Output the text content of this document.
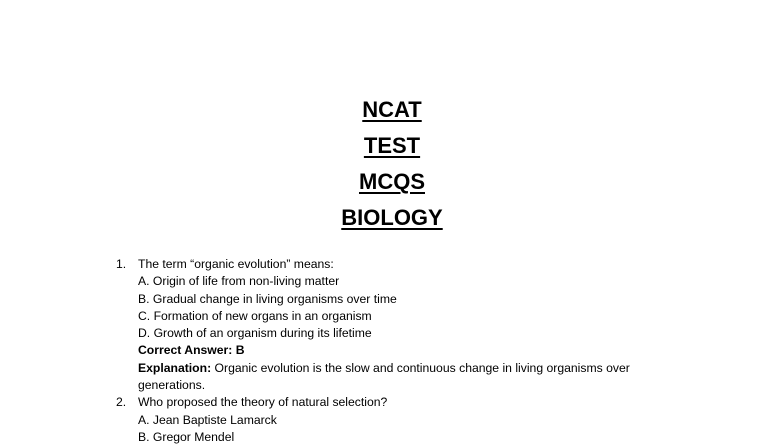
NCAT
TEST
MCQS
BIOLOGY
1. The term “organic evolution” means:
A. Origin of life from non-living matter
B. Gradual change in living organisms over time
C. Formation of new organs in an organism
D. Growth of an organism during its lifetime
Correct Answer: B
Explanation: Organic evolution is the slow and continuous change in living organisms over generations.
2. Who proposed the theory of natural selection?
A. Jean Baptiste Lamarck
B. Gregor Mendel
